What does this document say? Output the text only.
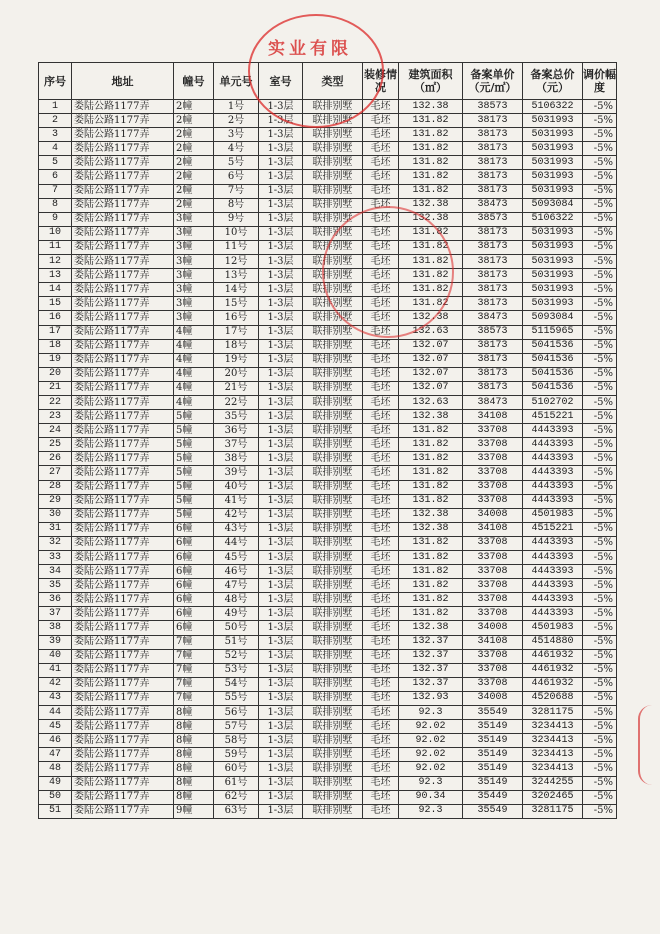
序号	地址	幢号	单元号	室号	类型	装修情况	建筑面积（㎡）	备案单价（元/㎡）	备案总价（元）	调价幅度
1	娄陆公路1177弄	2幢	1号	1-3层	联排别墅	毛坯	132.38	38573	5106322	-5%
2	娄陆公路1177弄	2幢	2号	1-3层	联排别墅	毛坯	131.82	38173	5031993	-5%
3	娄陆公路1177弄	2幢	3号	1-3层	联排别墅	毛坯	131.82	38173	5031993	-5%
4	娄陆公路1177弄	2幢	4号	1-3层	联排别墅	毛坯	131.82	38173	5031993	-5%
5	娄陆公路1177弄	2幢	5号	1-3层	联排别墅	毛坯	131.82	38173	5031993	-5%
6	娄陆公路1177弄	2幢	6号	1-3层	联排别墅	毛坯	131.82	38173	5031993	-5%
7	娄陆公路1177弄	2幢	7号	1-3层	联排别墅	毛坯	131.82	38173	5031993	-5%
8	娄陆公路1177弄	2幢	8号	1-3层	联排别墅	毛坯	132.38	38473	5093084	-5%
9	娄陆公路1177弄	3幢	9号	1-3层	联排别墅	毛坯	132.38	38573	5106322	-5%
10	娄陆公路1177弄	3幢	10号	1-3层	联排别墅	毛坯	131.82	38173	5031993	-5%
11	娄陆公路1177弄	3幢	11号	1-3层	联排别墅	毛坯	131.82	38173	5031993	-5%
12	娄陆公路1177弄	3幢	12号	1-3层	联排别墅	毛坯	131.82	38173	5031993	-5%
13	娄陆公路1177弄	3幢	13号	1-3层	联排别墅	毛坯	131.82	38173	5031993	-5%
14	娄陆公路1177弄	3幢	14号	1-3层	联排别墅	毛坯	131.82	38173	5031993	-5%
15	娄陆公路1177弄	3幢	15号	1-3层	联排别墅	毛坯	131.82	38173	5031993	-5%
16	娄陆公路1177弄	3幢	16号	1-3层	联排别墅	毛坯	132.38	38473	5093084	-5%
17	娄陆公路1177弄	4幢	17号	1-3层	联排别墅	毛坯	132.63	38573	5115965	-5%
18	娄陆公路1177弄	4幢	18号	1-3层	联排别墅	毛坯	132.07	38173	5041536	-5%
19	娄陆公路1177弄	4幢	19号	1-3层	联排别墅	毛坯	132.07	38173	5041536	-5%
20	娄陆公路1177弄	4幢	20号	1-3层	联排别墅	毛坯	132.07	38173	5041536	-5%
21	娄陆公路1177弄	4幢	21号	1-3层	联排别墅	毛坯	132.07	38173	5041536	-5%
22	娄陆公路1177弄	4幢	22号	1-3层	联排别墅	毛坯	132.63	38473	5102702	-5%
23	娄陆公路1177弄	5幢	35号	1-3层	联排别墅	毛坯	132.38	34108	4515221	-5%
24	娄陆公路1177弄	5幢	36号	1-3层	联排别墅	毛坯	131.82	33708	4443393	-5%
25	娄陆公路1177弄	5幢	37号	1-3层	联排别墅	毛坯	131.82	33708	4443393	-5%
26	娄陆公路1177弄	5幢	38号	1-3层	联排别墅	毛坯	131.82	33708	4443393	-5%
27	娄陆公路1177弄	5幢	39号	1-3层	联排别墅	毛坯	131.82	33708	4443393	-5%
28	娄陆公路1177弄	5幢	40号	1-3层	联排别墅	毛坯	131.82	33708	4443393	-5%
29	娄陆公路1177弄	5幢	41号	1-3层	联排别墅	毛坯	131.82	33708	4443393	-5%
30	娄陆公路1177弄	5幢	42号	1-3层	联排别墅	毛坯	132.38	34008	4501983	-5%
31	娄陆公路1177弄	6幢	43号	1-3层	联排别墅	毛坯	132.38	34108	4515221	-5%
32	娄陆公路1177弄	6幢	44号	1-3层	联排别墅	毛坯	131.82	33708	4443393	-5%
33	娄陆公路1177弄	6幢	45号	1-3层	联排别墅	毛坯	131.82	33708	4443393	-5%
34	娄陆公路1177弄	6幢	46号	1-3层	联排别墅	毛坯	131.82	33708	4443393	-5%
35	娄陆公路1177弄	6幢	47号	1-3层	联排别墅	毛坯	131.82	33708	4443393	-5%
36	娄陆公路1177弄	6幢	48号	1-3层	联排别墅	毛坯	131.82	33708	4443393	-5%
37	娄陆公路1177弄	6幢	49号	1-3层	联排别墅	毛坯	131.82	33708	4443393	-5%
38	娄陆公路1177弄	6幢	50号	1-3层	联排别墅	毛坯	132.38	34008	4501983	-5%
39	娄陆公路1177弄	7幢	51号	1-3层	联排别墅	毛坯	132.37	34108	4514880	-5%
40	娄陆公路1177弄	7幢	52号	1-3层	联排别墅	毛坯	132.37	33708	4461932	-5%
41	娄陆公路1177弄	7幢	53号	1-3层	联排别墅	毛坯	132.37	33708	4461932	-5%
42	娄陆公路1177弄	7幢	54号	1-3层	联排别墅	毛坯	132.37	33708	4461932	-5%
43	娄陆公路1177弄	7幢	55号	1-3层	联排别墅	毛坯	132.93	34008	4520688	-5%
44	娄陆公路1177弄	8幢	56号	1-3层	联排别墅	毛坯	92.3	35549	3281175	-5%
45	娄陆公路1177弄	8幢	57号	1-3层	联排别墅	毛坯	92.02	35149	3234413	-5%
46	娄陆公路1177弄	8幢	58号	1-3层	联排别墅	毛坯	92.02	35149	3234413	-5%
47	娄陆公路1177弄	8幢	59号	1-3层	联排别墅	毛坯	92.02	35149	3234413	-5%
48	娄陆公路1177弄	8幢	60号	1-3层	联排别墅	毛坯	92.02	35149	3234413	-5%
49	娄陆公路1177弄	8幢	61号	1-3层	联排别墅	毛坯	92.3	35149	3244255	-5%
50	娄陆公路1177弄	8幢	62号	1-3层	联排别墅	毛坯	90.34	35449	3202465	-5%
51	娄陆公路1177弄	9幢	63号	1-3层	联排别墅	毛坯	92.3	35549	3281175	-5%
实业有限
